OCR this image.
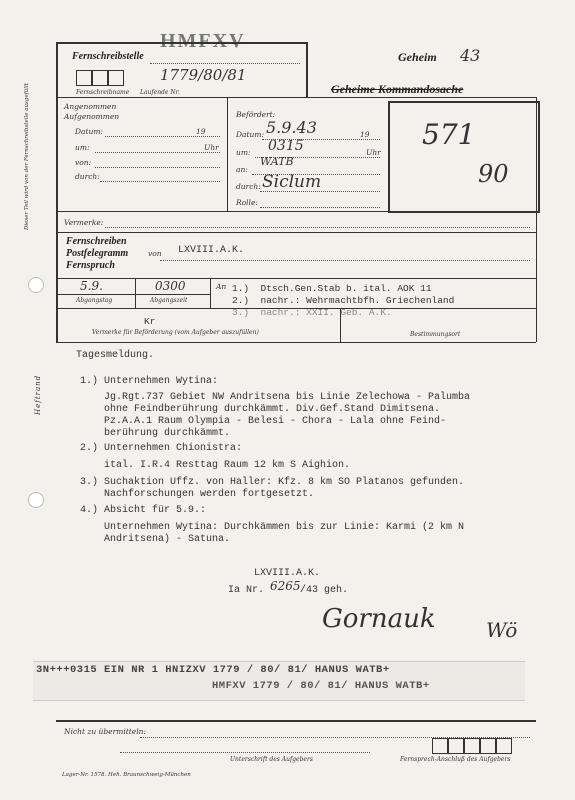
HMFXV
Fernschreibstelle
1779/80/81
Fernschreibname Laufende Nr.
Geheim 43
Geheime Kommandosache
Dieser Teil wird von der Fernschreibstelle ausgefüllt	Angenommen
Aufgenommen
Datum:	19
um:	Uhr
von:
durch:
Befördert:
Datum: 5.9.43	19
um: 0315	Uhr
an:
WATB
durch: Siclum
Rolle:
571
90
Vermerke:
Fernschreiben
Postfelegramm
Fernspruch
von LXVIII.A.K.
5.9.	0300
Abgangstag	Abgangszeit
An 1.)  Dtsch.Gen.Stab b. ital. AOK 11
2.)  nachr.: Wehrmachtbfh. Griechenland
3.)  nachr.: XXII. Geb. A.K.
Kr
Vermerke für Beförderung (vom Aufgeber auszufüllen)	Bestimmungsort
Heftrand
Tagesmeldung.
1.) Unternehmen Wytina:
Jg.Rgt.737 Gebiet NW Andritsena bis Linie Zelechowa - Palumba
ohne Feindberührung durchkämmt. Div.Gef.Stand Dimitsena.
Pz.A.A.1 Raum Olympia - Belesi - Chora - Lala ohne Feind-
berührung durchkämmt.
2.) Unternehmen Chionistra:
ital. I.R.4 Resttag Raum 12 km S Aighion.
3.) Suchaktion Uffz. von Haller: Kfz. 8 km SO Platanos gefunden.
Nachforschungen werden fortgesetzt.
4.) Absicht für 5.9.:
Unternehmen Wytina: Durchkämmen bis zur Linie: Karmi (2 km N
Andritsena) - Satuna.
LXVIII.A.K.
Ia Nr. 6265 /43 geh.
Gornauk	Wö
3N+++0315 EIN NR 1 HNIZXV 1779 / 80/ 81/ HANUS WATB+
HMFXV 1779 / 80/ 81/ HANUS WATB+
Nicht zu übermitteln:
Unterschrift des Aufgebers	Fernsprech-Anschluß des Aufgebers
Lager-Nr. 1578. Heh. Braunschweig-München
